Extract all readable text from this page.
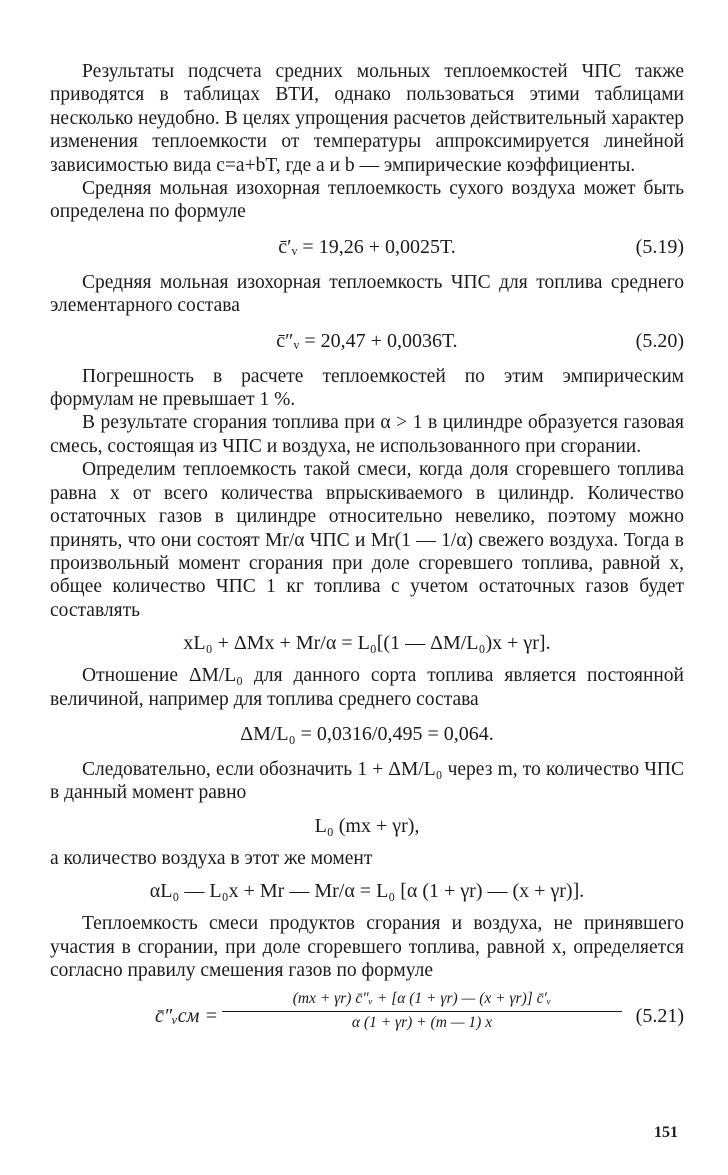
Результаты подсчета средних мольных теплоемкостей ЧПС также приводятся в таблицах ВТИ, однако пользоваться этими таблицами несколько неудобно. В целях упрощения расчетов действительный характер изменения теплоемкости от температуры аппроксимируется линейной зависимостью вида c=a+bT, где a и b — эмпирические коэффициенты.

Средняя мольная изохорная теплоемкость сухого воздуха может быть определена по формуле

c̄′ᵥ = 19,26 + 0,0025T.	(5.19)

Средняя мольная изохорная теплоемкость ЧПС для топлива среднего элементарного состава

c̄″ᵥ = 20,47 + 0,0036T.	(5.20)

Погрешность в расчете теплоемкостей по этим эмпирическим формулам не превышает 1 %.

В результате сгорания топлива при α > 1 в цилиндре образуется газовая смесь, состоящая из ЧПС и воздуха, не использованного при сгорании.

Определим теплоемкость такой смеси, когда доля сгоревшего топлива равна x от всего количества впрыскиваемого в цилиндр. Количество остаточных газов в цилиндре относительно невелико, поэтому можно принять, что они состоят Mr/α ЧПС и Mr(1 — 1/α) свежего воздуха. Тогда в произвольный момент сгорания при доле сгоревшего топлива, равной x, общее количество ЧПС 1 кг топлива с учетом остаточных газов будет составлять

xL₀ + ΔMx + Mr/α = L₀[(1 — ΔM/L₀)x + γr].

Отношение ΔM/L₀ для данного сорта топлива является постоянной величиной, например для топлива среднего состава

ΔM/L₀ = 0,0316/0,495 = 0,064.

Следовательно, если обозначить 1 + ΔM/L₀ через m, то количество ЧПС в данный момент равно

L₀ (mx + γr),

а количество воздуха в этот же момент

αL₀ — L₀x + Mr — Mr/α = L₀ [α (1 + γr) — (x + γr)].

Теплоемкость смеси продуктов сгорания и воздуха, не принявшего участия в сгорании, при доле сгоревшего топлива, равной x, определяется согласно правилу смешения газов по формуле

c̄″ᵥсм = $\frac{\text{(mx + γr) c̄″ᵥ + [α (1 + γr) — (x + γr)] c̄′ᵥ}}{\alpha (1 + \gamma r) + (m — 1) x} (5.21)$
151
